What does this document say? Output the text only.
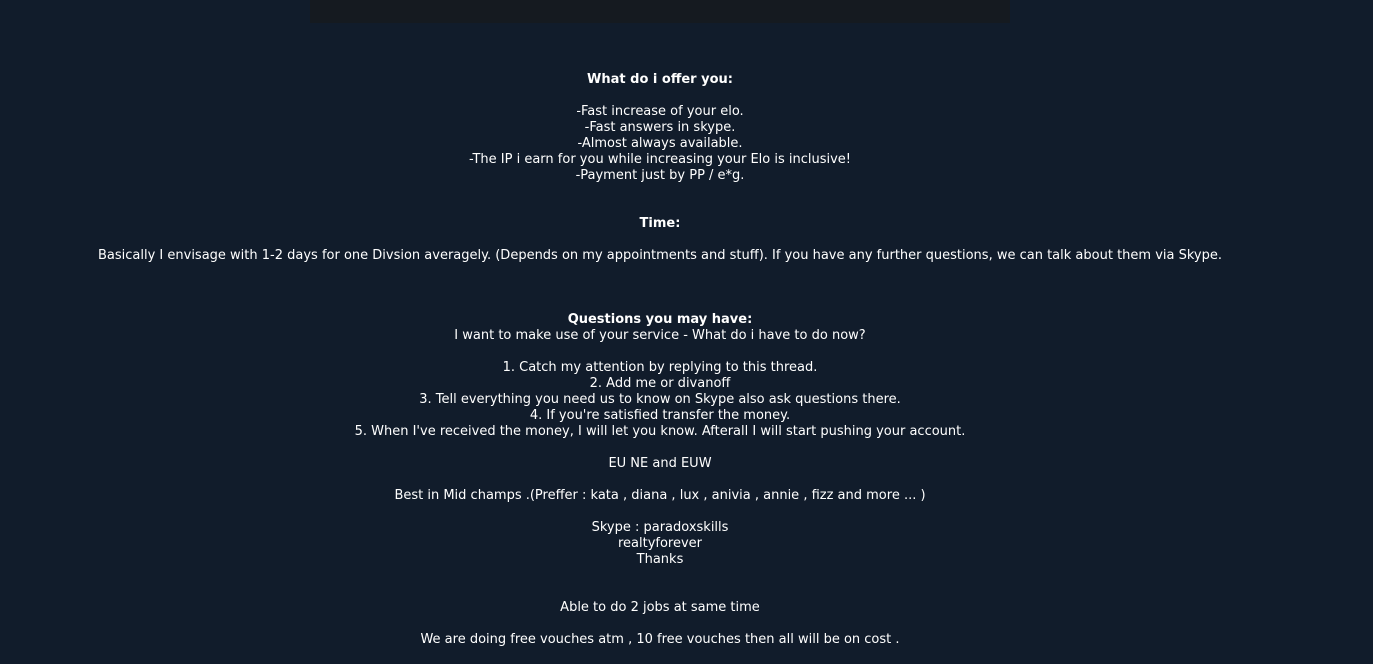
What do i offer you:
-Fast increase of your elo.
-Fast answers in skype.
-Almost always available.
-The IP i earn for you while increasing your Elo is inclusive!
-Payment just by PP / e*g.
Time:
Basically I envisage with 1-2 days for one Divsion averagely. (Depends on my appointments and stuff). If you have any further questions, we can talk about them via Skype.
Questions you may have:
I want to make use of your service - What do i have to do now?
1. Catch my attention by replying to this thread.
2. Add me or divanoff
3. Tell everything you need us to know on Skype also ask questions there.
4. If you're satisfied transfer the money.
5. When I've received the money, I will let you know. Afterall I will start pushing your account.
EU NE and EUW
Best in Mid champs .(Preffer : kata , diana , lux , anivia , annie , fizz and more ... )
Skype : paradoxskills
realtyforever
Thanks
Able to do 2 jobs at same time
We are doing free vouches atm , 10 free vouches then all will be on cost .
